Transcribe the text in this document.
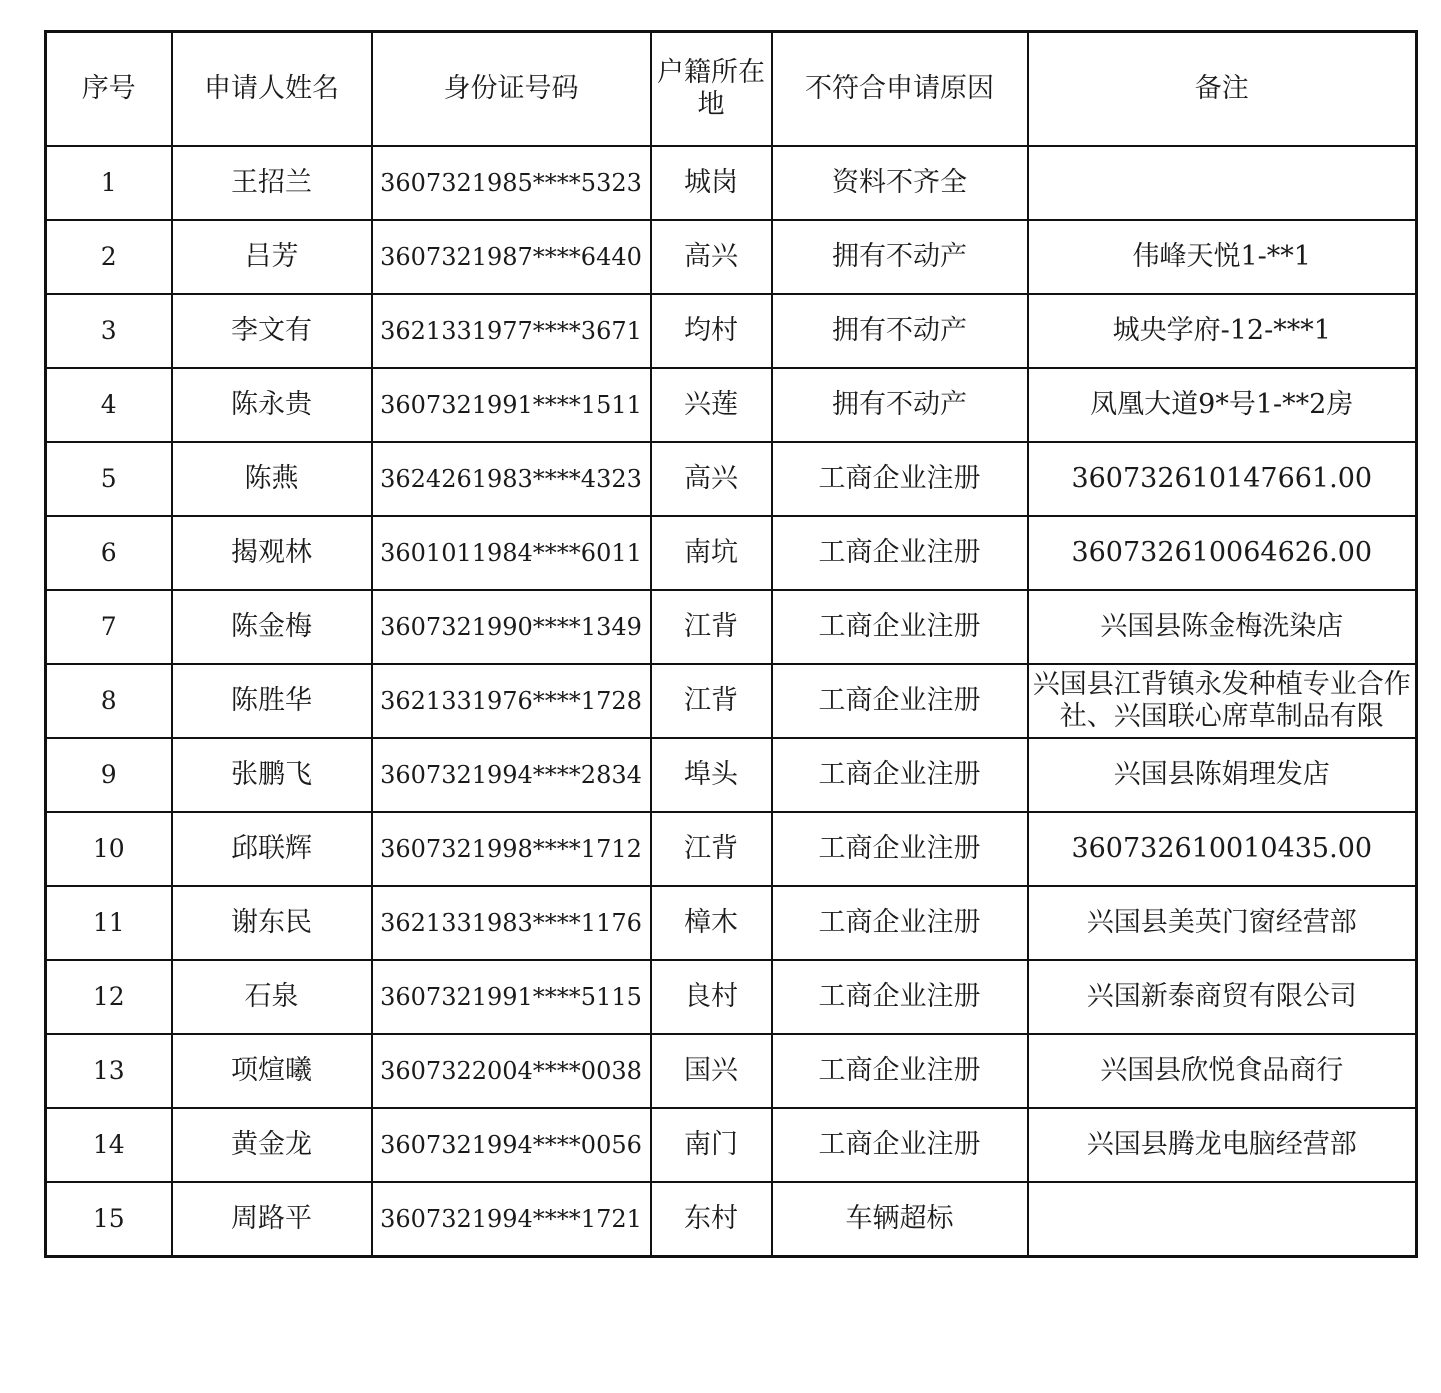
序号	申请人姓名	身份证号码	户籍所在地	不符合申请原因	备注
1	王招兰	3607321985****5323	城岗	资料不齐全	
2	吕芳	3607321987****6440	高兴	拥有不动产	伟峰天悦1-**1
3	李文有	3621331977****3671	均村	拥有不动产	城央学府-12-***1
4	陈永贵	3607321991****1511	兴莲	拥有不动产	凤凰大道9*号1-**2房
5	陈燕	3624261983****4323	高兴	工商企业注册	360732610147661.00
6	揭观林	3601011984****6011	南坑	工商企业注册	360732610064626.00
7	陈金梅	3607321990****1349	江背	工商企业注册	兴国县陈金梅洗染店
8	陈胜华	3621331976****1728	江背	工商企业注册	兴国县江背镇永发种植专业合作社、兴国联心席草制品有限
9	张鹏飞	3607321994****2834	埠头	工商企业注册	兴国县陈娟理发店
10	邱联辉	3607321998****1712	江背	工商企业注册	360732610010435.00
11	谢东民	3621331983****1176	樟木	工商企业注册	兴国县美英门窗经营部
12	石泉	3607321991****5115	良村	工商企业注册	兴国新泰商贸有限公司
13	项煊曦	3607322004****0038	国兴	工商企业注册	兴国县欣悦食品商行
14	黄金龙	3607321994****0056	南门	工商企业注册	兴国县腾龙电脑经营部
15	周路平	3607321994****1721	东村	车辆超标	
